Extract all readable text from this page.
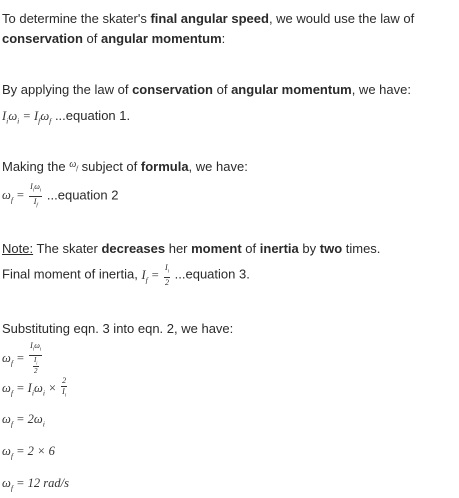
To determine the skater's final angular speed, we would use the law of
conservation of angular momentum:
By applying the law of conservation of angular momentum, we have:
$I_i\omega_i = I_f\omega_f$ ...equation 1.
Making the $^{\omega_f}$ subject of formula, we have:
$\omega_f = \frac{I_i\omega_i}{I_f}$ ...equation 2
Note: The skater decreases her moment of inertia by two times.
Final moment of inertia, $I_f = \frac{I_i}{2}$ ...equation 3.
Substituting eqn. 3 into eqn. 2, we have:
$\omega_f = \frac{I_i\omega_i}{\frac{I_i}{2}}$
$\omega_f = I_i\omega_i \times \frac{2}{I_i}$
$\omega_f = 2\omega_i$
$\omega_f = 2 \times 6$
$\omega_f = 12$ rad/s
